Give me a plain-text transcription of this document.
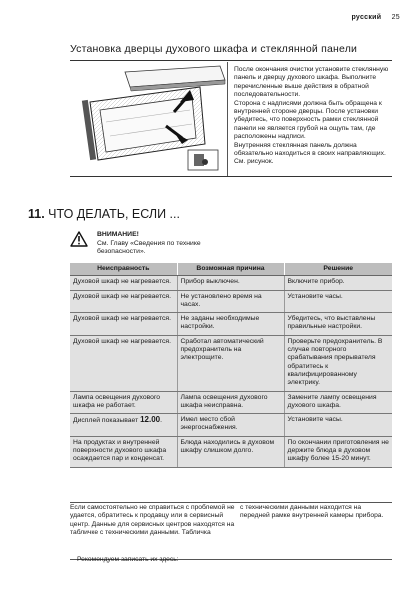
русский 25
Установка дверцы духового шкафа и стеклянной панели

После окончания очистки установите стеклянную панель и дверцу духового шкафа. Выполните перечисленные выше действия в обратной последовательности.

Сторона с надписями должна быть обращена к внутренней стороне дверцы. После установки убедитесь, что поверхность рамки стеклянной панели не является грубой на ощупь там, где расположены надписи.

Внутренняя стеклянная панель должна обязательно находиться в своих направляющих. См. рисунок.

11. ЧТО ДЕЛАТЬ, ЕСЛИ ...
ВНИМАНИЕ!
См. Главу «Сведения по технике безопасности».
Неисправность	Возможная причина	Решение
Духовой шкаф не нагревается.	Прибор выключен.	Включите прибор.
Духовой шкаф не нагревается.	Не установлено время на часах.	Установите часы.
Духовой шкаф не нагревается.	Не заданы необходимые настройки.	Убедитесь, что выставлены правильные настройки.
Духовой шкаф не нагревается.	Сработал автоматический предохранитель на электрощите.	Проверьте предохранитель. В случае повторного срабатывания прерывателя обратитесь к квалифицированному электрику.
Лампа освещения духового шкафа не работает.	Лампа освещения духового шкафа неисправна.	Замените лампу освещения духового шкафа.
Дисплей показывает 12.00.	Имел место сбой энергоснабжения.	Установите часы.
На продуктах и внутренней поверхности духового шкафа осаждается пар и конденсат.	Блюда находились в духовом шкафу слишком долго.	По окончании приготовления не держите блюда в духовом шкафу более 15-20 минут.
Если самостоятельно не справиться с проблемой не удается, обратитесь к продавцу или в сервисный центр. Данные для сервисных центров находятся на табличке с техническими данными. Табличка
с техническими данными находится на передней рамке внутренней камеры прибора.
Рекомендуем записать их здесь:
